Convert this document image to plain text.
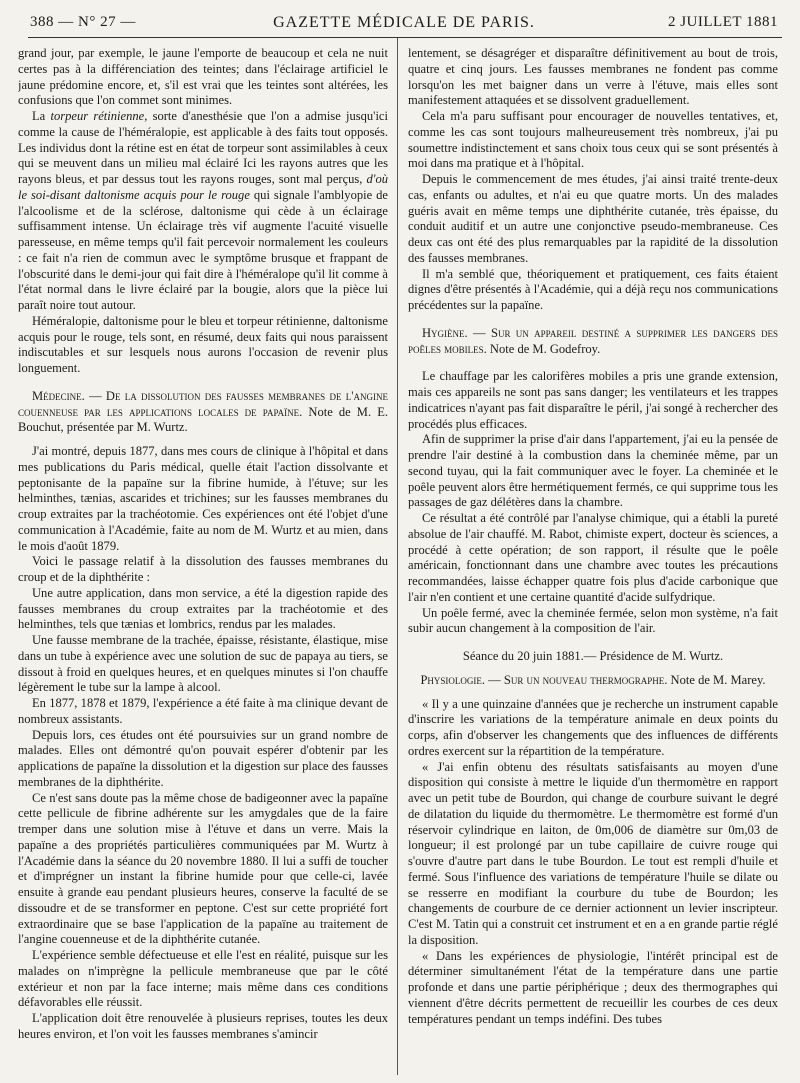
388 — N° 27 —	GAZETTE MÉDICALE DE PARIS.	2 JUILLET 1881

grand jour, par exemple, le jaune l'emporte de beaucoup et cela ne nuit certes pas à la différenciation des teintes; dans l'éclairage artificiel le jaune prédomine encore, et, s'il est vrai que les teintes sont altérées, les confusions que l'on commet sont minimes.

La torpeur rétinienne, sorte d'anesthésie que l'on a admise jusqu'ici comme la cause de l'héméralopie, est applicable à des faits tout opposés. Les individus dont la rétine est en état de torpeur sont assimilables à ceux qui se meuvent dans un milieu mal éclairé Ici les rayons autres que les rayons bleus, et par dessus tout les rayons rouges, sont mal perçus, d'où le soi-disant daltonisme acquis pour le rouge qui signale l'amblyopie de l'alcoolisme et de la sclérose, daltonisme qui cède à un éclairage suffisamment intense. Un éclairage très vif augmente l'acuité visuelle paresseuse, en même temps qu'il fait percevoir normalement les couleurs : ce fait n'a rien de commun avec le symptôme brusque et frappant de l'obscurité dans le demi-jour qui fait dire à l'héméralope qu'il lit comme à l'état normal dans le livre éclairé par la bougie, alors que la pièce lui paraît noire tout autour.

Héméralopie, daltonisme pour le bleu et torpeur rétinienne, daltonisme acquis pour le rouge, tels sont, en résumé, deux faits qui nous paraissent indiscutables et sur lesquels nous aurons l'occasion de revenir plus longuement.

Médecine. — De la dissolution des fausses membranes de l'angine couenneuse par les applications locales de papaïne. Note de M. E. Bouchut, présentée par M. Wurtz.

J'ai montré, depuis 1877, dans mes cours de clinique à l'hôpital et dans mes publications du Paris médical, quelle était l'action dissolvante et peptonisante de la papaïne sur la fibrine humide, à l'étuve; sur les helminthes, tænias, ascarides et trichines; sur les fausses membranes du croup extraites par la trachéotomie. Ces expériences ont été l'objet d'une communication à l'Académie, faite au nom de M. Wurtz et au mien, dans le mois d'août 1879.

Voici le passage relatif à la dissolution des fausses membranes du croup et de la diphthérite :

Une autre application, dans mon service, a été la digestion rapide des fausses membranes du croup extraites par la trachéotomie et des helminthes, tels que tænias et lombrics, rendus par les malades.

Une fausse membrane de la trachée, épaisse, résistante, élastique, mise dans un tube à expérience avec une solution de suc de papaya au tiers, se dissout à froid en quelques heures, et en quelques minutes si l'on chauffe légèrement le tube sur la lampe à alcool.

En 1877, 1878 et 1879, l'expérience a été faite à ma clinique devant de nombreux assistants.

Depuis lors, ces études ont été poursuivies sur un grand nombre de malades. Elles ont démontré qu'on pouvait espérer d'obtenir par les applications de papaïne la dissolution et la digestion sur place des fausses membranes de la diphthérite.

Ce n'est sans doute pas la même chose de badigeonner avec la papaïne cette pellicule de fibrine adhérente sur les amygdales que de la faire tremper dans une solution mise à l'étuve et dans un verre. Mais la papaïne a des propriétés particulières communiquées par M. Wurtz à l'Académie dans la séance du 20 novembre 1880. Il lui a suffi de toucher et d'imprégner un instant la fibrine humide pour que celle-ci, lavée ensuite à grande eau pendant plusieurs heures, conserve la faculté de se dissoudre et de se transformer en peptone. C'est sur cette propriété fort extraordinaire que se base l'application de la papaïne au traitement de l'angine couenneuse et de la diphthérite cutanée.

L'expérience semble défectueuse et elle l'est en réalité, puisque sur les malades on n'imprègne la pellicule membraneuse que par le côté extérieur et non par la face interne; mais même dans ces conditions défavorables elle réussit.

L'application doit être renouvelée à plusieurs reprises, toutes les deux heures environ, et l'on voit les fausses membranes s'amincir

lentement, se désagréger et disparaître définitivement au bout de trois, quatre et cinq jours. Les fausses membranes ne fondent pas comme lorsqu'on les met baigner dans un verre à l'étuve, mais elles sont manifestement attaquées et se dissolvent graduellement.

Cela m'a paru suffisant pour encourager de nouvelles tentatives, et, comme les cas sont toujours malheureusement très nombreux, j'ai pu soumettre indistinctement et sans choix tous ceux qui se sont présentés à moi dans ma pratique et à l'hôpital.

Depuis le commencement de mes études, j'ai ainsi traité trente-deux cas, enfants ou adultes, et n'ai eu que quatre morts. Un des malades guéris avait en même temps une diphthérite cutanée, très épaisse, du conduit auditif et un autre une conjonctive pseudo-membraneuse. Ces deux cas ont été des plus remarquables par la rapidité de la dissolution des fausses membranes.

Il m'a semblé que, théoriquement et pratiquement, ces faits étaient dignes d'être présentés à l'Académie, qui a déjà reçu nos communications précédentes sur la papaïne.

Hygiène. — Sur un appareil destiné a supprimer les dangers des poêles mobiles. Note de M. Godefroy.

Le chauffage par les calorifères mobiles a pris une grande extension, mais ces appareils ne sont pas sans danger; les ventilateurs et les trappes indicatrices n'ayant pas fait disparaître le péril, j'ai songé à rechercher des procédés plus efficaces.

Afin de supprimer la prise d'air dans l'appartement, j'ai eu la pensée de prendre l'air destiné à la combustion dans la cheminée même, par un second tuyau, qui la fait communiquer avec le foyer. La cheminée et le poêle peuvent alors être hermétiquement fermés, ce qui supprime tous les passages de gaz délétères dans la chambre.

Ce résultat a été contrôlé par l'analyse chimique, qui a établi la pureté absolue de l'air chauffé. M. Rabot, chimiste expert, docteur ès sciences, a procédé à cette opération; de son rapport, il résulte que le poêle américain, fonctionnant dans une chambre avec toutes les précautions recommandées, laisse échapper quatre fois plus d'acide carbonique que l'air n'en contient et une certaine quantité d'acide sulfydrique.

Un poêle fermé, avec la cheminée fermée, selon mon système, n'a fait subir aucun changement à la composition de l'air.

Séance du 20 juin 1881.— Présidence de M. Wurtz.

Physiologie. — Sur un nouveau thermographe. Note de M. Marey.

« Il y a une quinzaine d'années que je recherche un instrument capable d'inscrire les variations de la température animale en deux points du corps, afin d'observer les changements que des influences de différents ordres exercent sur la répartition de la température.

« J'ai enfin obtenu des résultats satisfaisants au moyen d'une disposition qui consiste à mettre le liquide d'un thermomètre en rapport avec un petit tube de Bourdon, qui change de courbure suivant le degré de dilatation du liquide du thermomètre. Le thermomètre est formé d'un réservoir cylindrique en laiton, de 0m,006 de diamètre sur 0m,03 de longueur; il est prolongé par un tube capillaire de cuivre rouge qui s'ouvre d'autre part dans le tube Bourdon. Le tout est rempli d'huile et fermé. Sous l'influence des variations de température l'huile se dilate ou se resserre en modifiant la courbure du tube de Bourdon; les changements de courbure de ce dernier actionnent un levier inscripteur. C'est M. Tatin qui a construit cet instrument et en a en grande partie réglé la disposition.

« Dans les expériences de physiologie, l'intérêt principal est de déterminer simultanément l'état de la température dans une partie profonde et dans une partie périphérique ; deux des thermographes qui viennent d'être décrits permettent de recueillir les courbes de ces deux températures pendant un temps indéfini. Des tubes
